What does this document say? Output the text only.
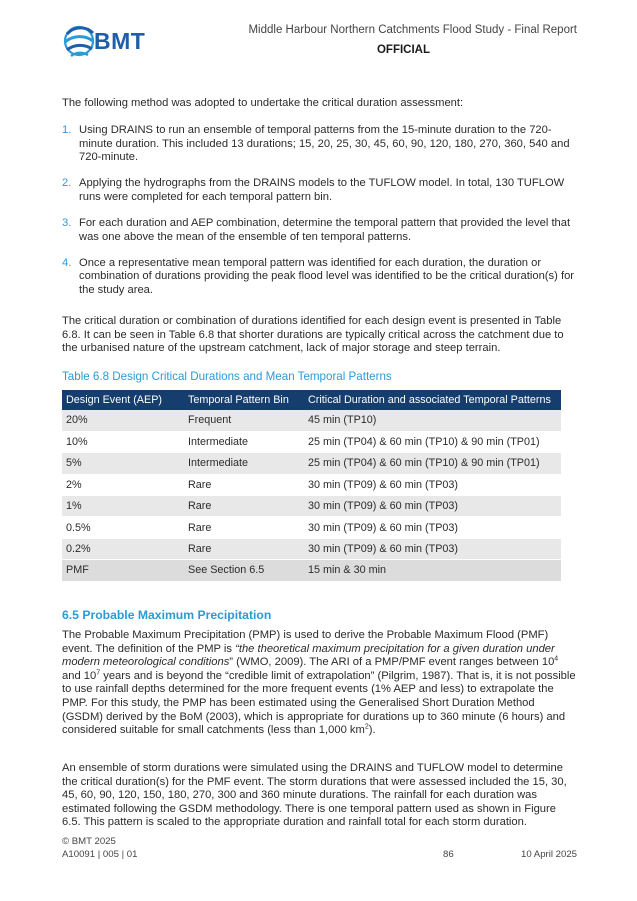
BMT	Middle Harbour Northern Catchments Flood Study - Final Report
OFFICIAL

The following method was adopted to undertake the critical duration assessment:

1. Using DRAINS to run an ensemble of temporal patterns from the 15-minute duration to the 720-minute duration. This included 13 durations; 15, 20, 25, 30, 45, 60, 90, 120, 180, 270, 360, 540 and 720-minute.
2. Applying the hydrographs from the DRAINS models to the TUFLOW model. In total, 130 TUFLOW runs were completed for each temporal pattern bin.
3. For each duration and AEP combination, determine the temporal pattern that provided the level that was one above the mean of the ensemble of ten temporal patterns.
4. Once a representative mean temporal pattern was identified for each duration, the duration or combination of durations providing the peak flood level was identified to be the critical duration(s) for the study area.

The critical duration or combination of durations identified for each design event is presented in Table 6.8. It can be seen in Table 6.8 that shorter durations are typically critical across the catchment due to the urbanised nature of the upstream catchment, lack of major storage and steep terrain.

Table 6.8 Design Critical Durations and Mean Temporal Patterns
Design Event (AEP)	Temporal Pattern Bin	Critical Duration and associated Temporal Patterns
20%	Frequent	45 min (TP10)
10%	Intermediate	25 min (TP04) & 60 min (TP10) & 90 min (TP01)
5%	Intermediate	25 min (TP04) & 60 min (TP10) & 90 min (TP01)
2%	Rare	30 min (TP09) & 60 min (TP03)
1%	Rare	30 min (TP09) & 60 min (TP03)
0.5%	Rare	30 min (TP09) & 60 min (TP03)
0.2%	Rare	30 min (TP09) & 60 min (TP03)
PMF	See Section 6.5	15 min & 30 min
6.5 Probable Maximum Precipitation

The Probable Maximum Precipitation (PMP) is used to derive the Probable Maximum Flood (PMF) event. The definition of the PMP is “the theoretical maximum precipitation for a given duration under modern meteorological conditions” (WMO, 2009). The ARI of a PMP/PMF event ranges between $10^4$ and $10^7$ years and is beyond the “credible limit of extrapolation” (Pilgrim, 1987). That is, it is not possible to use rainfall depths determined for the more frequent events (1% AEP and less) to extrapolate the PMP. For this study, the PMP has been estimated using the Generalised Short Duration Method (GSDM) derived by the BoM (2003), which is appropriate for durations up to 360 minute (6 hours) and considered suitable for small catchments (less than 1,000 $km^2$).

An ensemble of storm durations were simulated using the DRAINS and TUFLOW model to determine the critical duration(s) for the PMF event. The storm durations that were assessed included the 15, 30, 45, 60, 90, 120, 150, 180, 270, 300 and 360 minute durations. The rainfall for each duration was estimated following the GSDM methodology. There is one temporal pattern used as shown in Figure 6.5. This pattern is scaled to the appropriate duration and rainfall total for each storm duration.

© BMT 2025
A10091 | 005 | 01	86	10 April 2025
